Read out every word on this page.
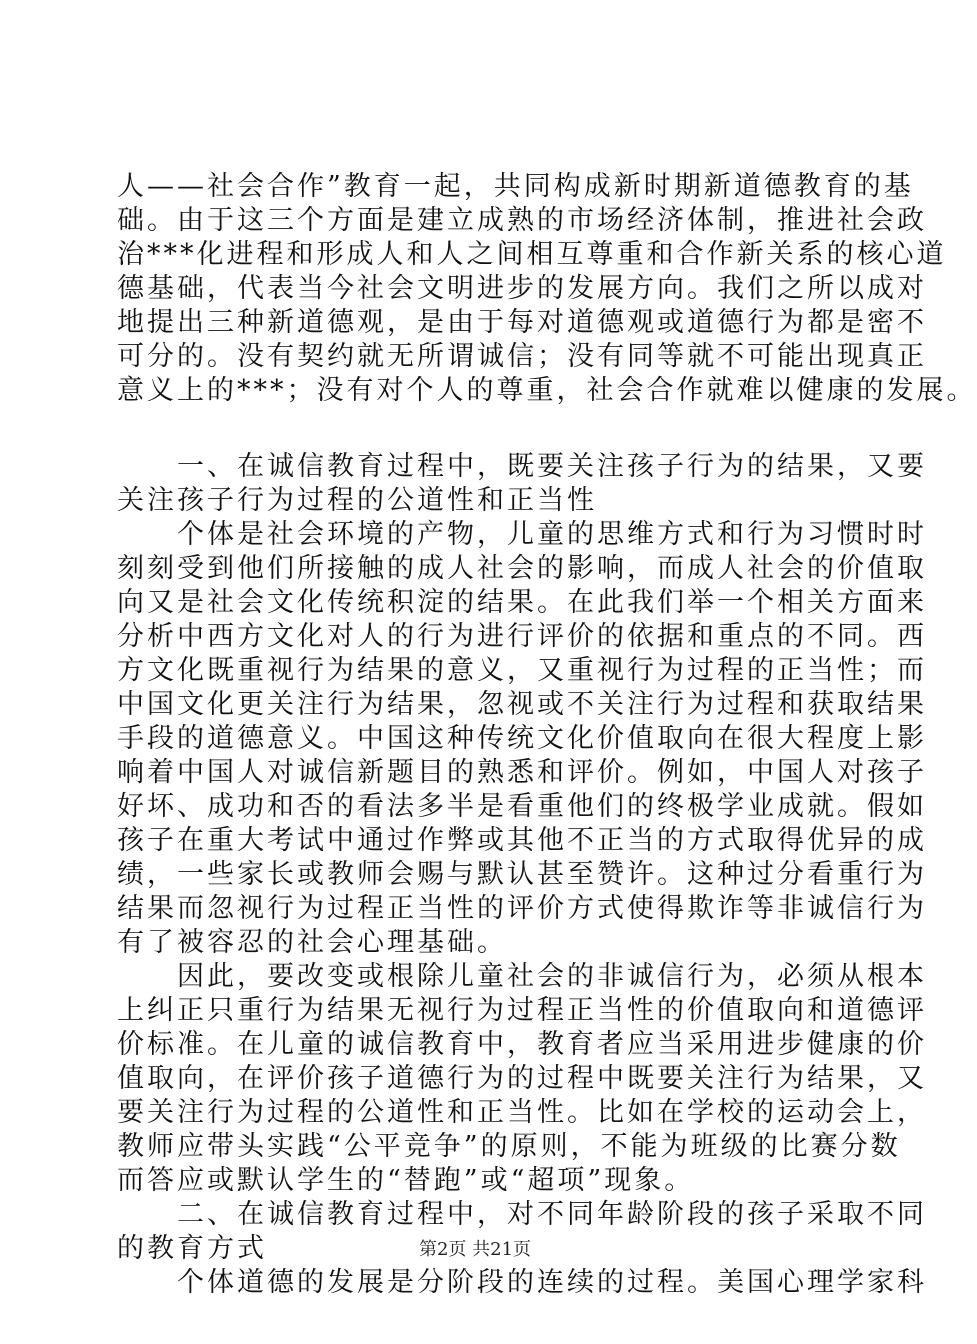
人——社会合作”教育一起，共同构成新时期新道德教育的基
础。由于这三个方面是建立成熟的市场经济体制，推进社会政
治***化进程和形成人和人之间相互尊重和合作新关系的核心道
德基础，代表当今社会文明进步的发展方向。我们之所以成对
地提出三种新道德观，是由于每对道德观或道德行为都是密不
可分的。没有契约就无所谓诚信；没有同等就不可能出现真正
意义上的***；没有对个人的尊重，社会合作就难以健康的发展。
　　一、在诚信教育过程中，既要关注孩子行为的结果，又要
关注孩子行为过程的公道性和正当性
　　个体是社会环境的产物，儿童的思维方式和行为习惯时时
刻刻受到他们所接触的成人社会的影响，而成人社会的价值取
向又是社会文化传统积淀的结果。在此我们举一个相关方面来
分析中西方文化对人的行为进行评价的依据和重点的不同。西
方文化既重视行为结果的意义，又重视行为过程的正当性；而
中国文化更关注行为结果，忽视或不关注行为过程和获取结果
手段的道德意义。中国这种传统文化价值取向在很大程度上影
响着中国人对诚信新题目的熟悉和评价。例如，中国人对孩子
好坏、成功和否的看法多半是看重他们的终极学业成就。假如
孩子在重大考试中通过作弊或其他不正当的方式取得优异的成
绩，一些家长或教师会赐与默认甚至赞许。这种过分看重行为
结果而忽视行为过程正当性的评价方式使得欺诈等非诚信行为
有了被容忍的社会心理基础。
　　因此，要改变或根除儿童社会的非诚信行为，必须从根本
上纠正只重行为结果无视行为过程正当性的价值取向和道德评
价标准。在儿童的诚信教育中，教育者应当采用进步健康的价
值取向，在评价孩子道德行为的过程中既要关注行为结果，又
要关注行为过程的公道性和正当性。比如在学校的运动会上，
教师应带头实践“公平竞争”的原则，不能为班级的比赛分数
而答应或默认学生的“替跑”或“超项”现象。
　　二、在诚信教育过程中，对不同年龄阶段的孩子采取不同
的教育方式
　　个体道德的发展是分阶段的连续的过程。美国心理学家科
第2页 共21页
